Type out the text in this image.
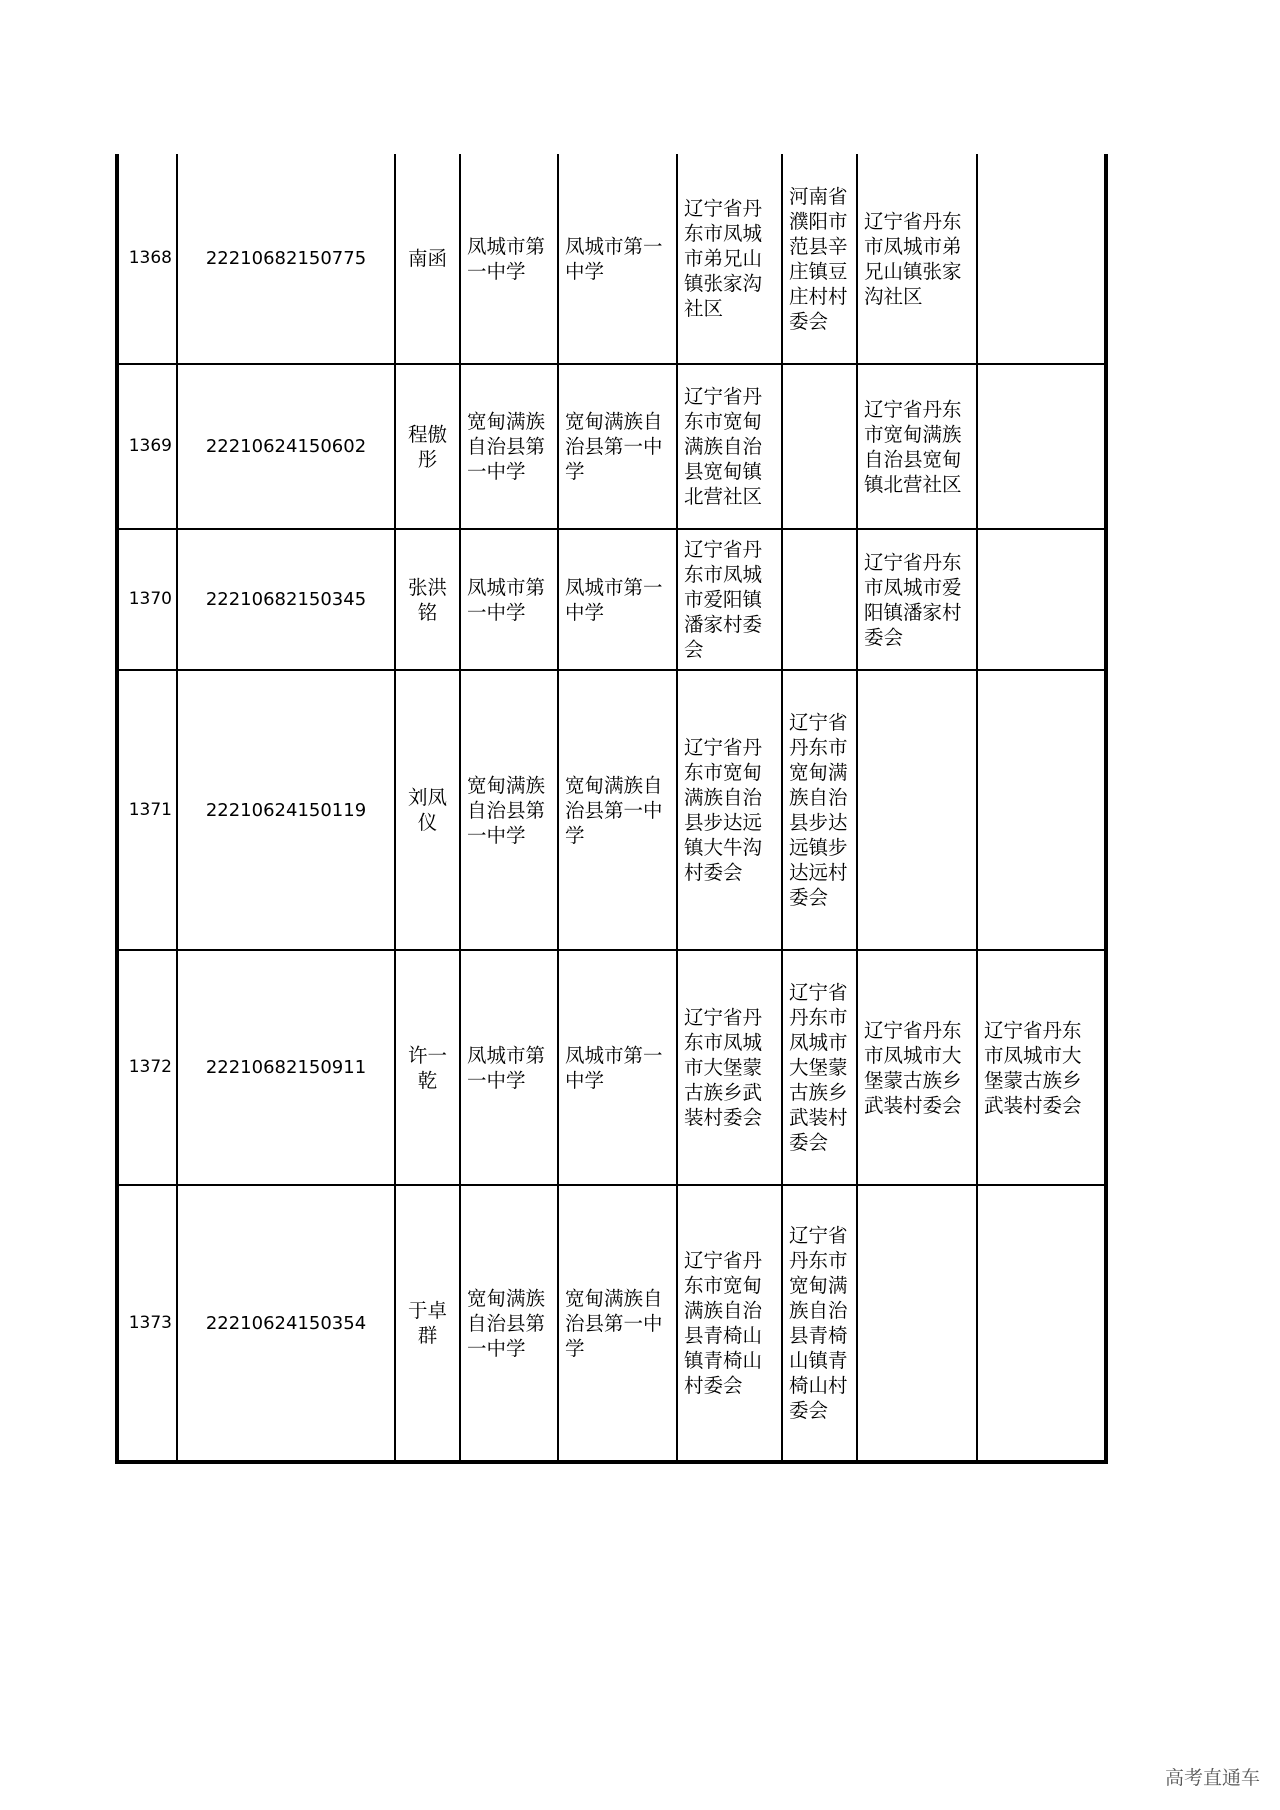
1368	22210682150775	南函	凤城市第一中学	凤城市第一中学	辽宁省丹东市凤城市弟兄山镇张家沟社区	河南省濮阳市范县辛庄镇豆庄村村委会	辽宁省丹东市凤城市弟兄山镇张家沟社区	
1369	22210624150602	程傲彤	宽甸满族自治县第一中学	宽甸满族自治县第一中学	辽宁省丹东市宽甸满族自治县宽甸镇北营社区		辽宁省丹东市宽甸满族自治县宽甸镇北营社区	
1370	22210682150345	张洪铭	凤城市第一中学	凤城市第一中学	辽宁省丹东市凤城市爱阳镇潘家村委会		辽宁省丹东市凤城市爱阳镇潘家村委会	
1371	22210624150119	刘凤仪	宽甸满族自治县第一中学	宽甸满族自治县第一中学	辽宁省丹东市宽甸满族自治县步达远镇大牛沟村委会	辽宁省丹东市宽甸满族自治县步达远镇步达远村委会		
1372	22210682150911	许一乾	凤城市第一中学	凤城市第一中学	辽宁省丹东市凤城市大堡蒙古族乡武装村委会	辽宁省丹东市凤城市大堡蒙古族乡武装村委会	辽宁省丹东市凤城市大堡蒙古族乡武装村委会	辽宁省丹东市凤城市大堡蒙古族乡武装村委会
1373	22210624150354	于卓群	宽甸满族自治县第一中学	宽甸满族自治县第一中学	辽宁省丹东市宽甸满族自治县青椅山镇青椅山村委会	辽宁省丹东市宽甸满族自治县青椅山镇青椅山村委会		
高考直通车
